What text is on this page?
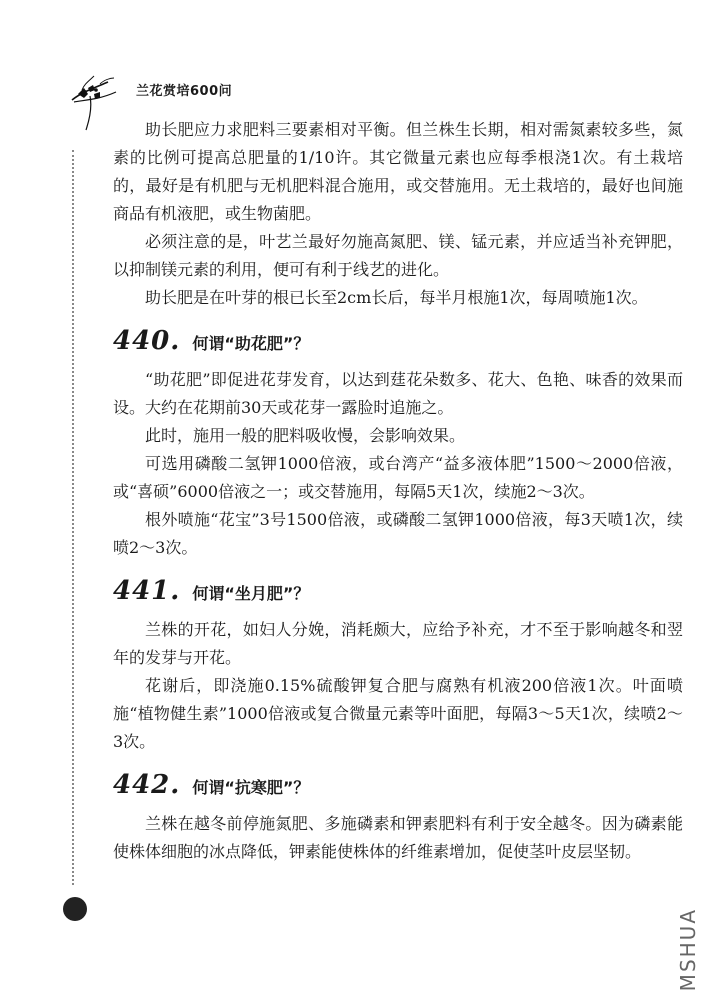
兰花赏培600问

助长肥应力求肥料三要素相对平衡。但兰株生长期，相对需氮素较多些，氮素的比例可提高总肥量的1/10许。其它微量元素也应每季根浇1次。有土栽培的，最好是有机肥与无机肥料混合施用，或交替施用。无土栽培的，最好也间施商品有机液肥，或生物菌肥。

必须注意的是，叶艺兰最好勿施高氮肥、镁、锰元素，并应适当补充钾肥，以抑制镁元素的利用，便可有利于线艺的进化。

助长肥是在叶芽的根已长至2cm长后，每半月根施1次，每周喷施1次。

440. 何谓“助花肥”？

“助花肥”即促进花芽发育，以达到莛花朵数多、花大、色艳、味香的效果而设。大约在花期前30天或花芽一露脸时追施之。

此时，施用一般的肥料吸收慢，会影响效果。

可选用磷酸二氢钾1000倍液，或台湾产“益多液体肥”1500～2000倍液，或“喜硕”6000倍液之一；或交替施用，每隔5天1次，续施2～3次。

根外喷施“花宝”3号1500倍液，或磷酸二氢钾1000倍液，每3天喷1次，续喷2～3次。

441. 何谓“坐月肥”？

兰株的开花，如妇人分娩，消耗颇大，应给予补充，才不至于影响越冬和翌年的发芽与开花。

花谢后，即浇施0.15%硫酸钾复合肥与腐熟有机液200倍液1次。叶面喷施“植物健生素”1000倍液或复合微量元素等叶面肥，每隔3～5天1次，续喷2～3次。

442. 何谓“抗寒肥”？

兰株在越冬前停施氮肥、多施磷素和钾素肥料有利于安全越冬。因为磷素能使株体细胞的冰点降低，钾素能使株体的纤维素增加，促使茎叶皮层坚韧。

MSHUA
